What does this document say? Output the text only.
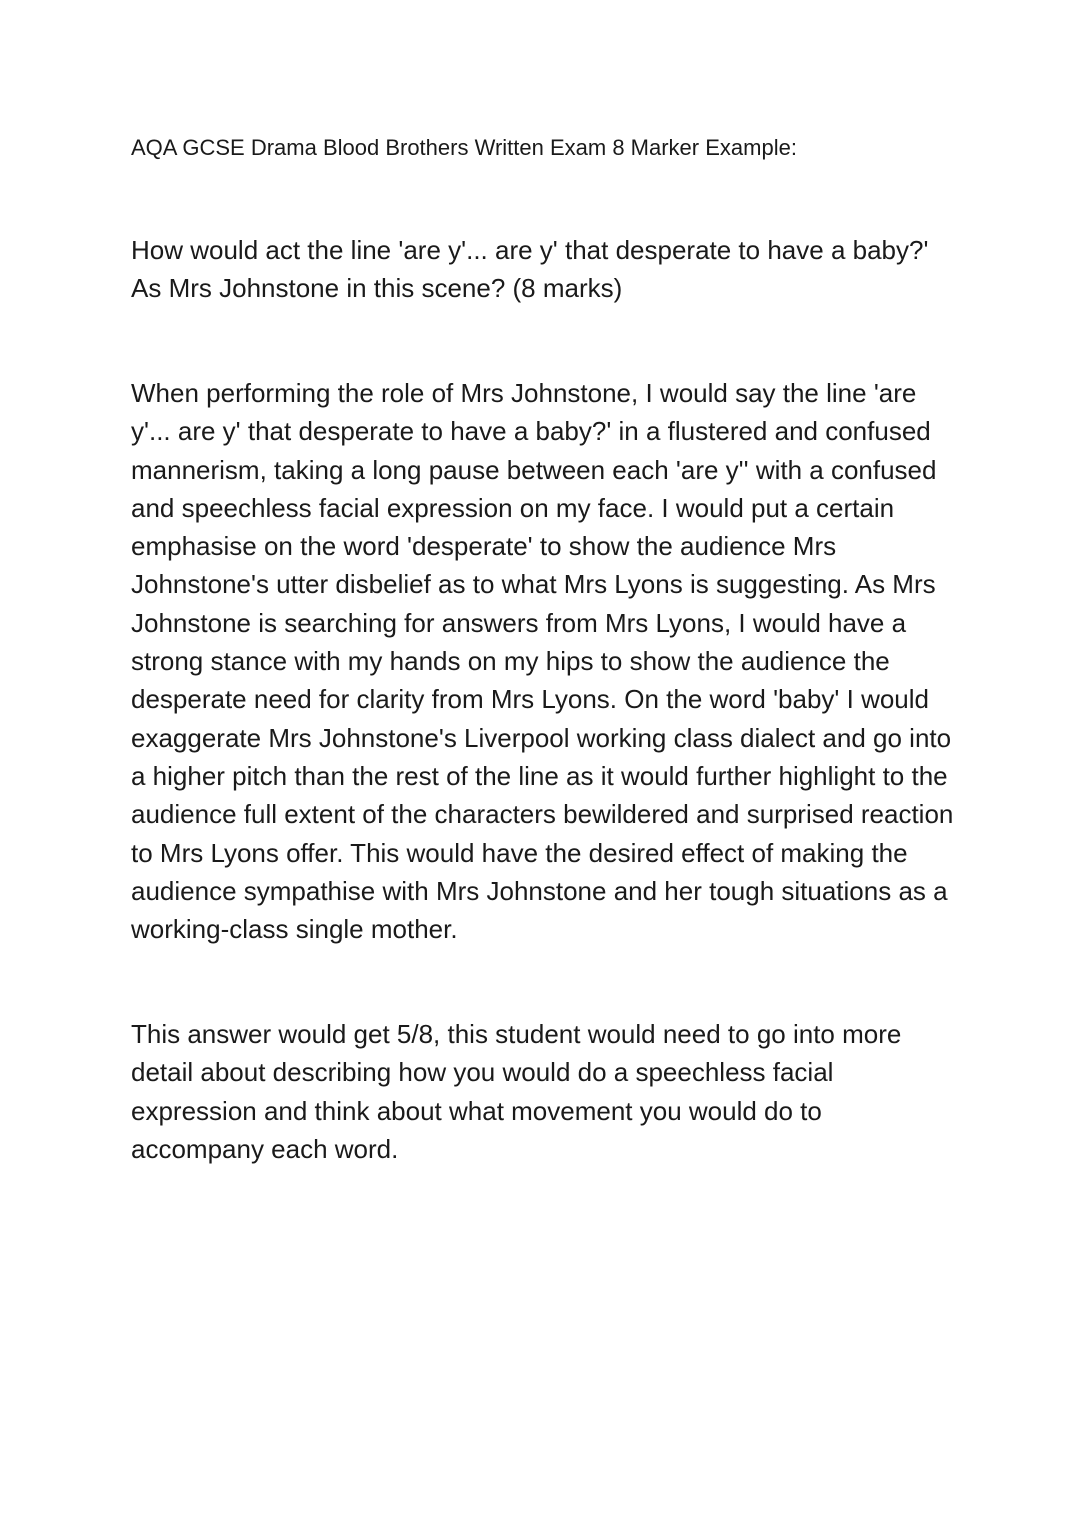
AQA GCSE Drama Blood Brothers Written Exam 8 Marker Example:

How would act the line 'are y'... are y' that desperate to have a baby?' As Mrs Johnstone in this scene? (8 marks)

When performing the role of Mrs Johnstone, I would say the line 'are y'... are y' that desperate to have a baby?' in a flustered and confused mannerism, taking a long pause between each 'are y'' with a confused and speechless facial expression on my face. I would put a certain emphasise on the word 'desperate' to show the audience Mrs Johnstone's utter disbelief as to what Mrs Lyons is suggesting. As Mrs Johnstone is searching for answers from Mrs Lyons, I would have a strong stance with my hands on my hips to show the audience the desperate need for clarity from Mrs Lyons. On the word 'baby' I would exaggerate Mrs Johnstone's Liverpool working class dialect and go into a higher pitch than the rest of the line as it would further highlight to the audience full extent of the characters bewildered and surprised reaction to Mrs Lyons offer. This would have the desired effect of making the audience sympathise with Mrs Johnstone and her tough situations as a working-class single mother.

This answer would get 5/8, this student would need to go into more detail about describing how you would do a speechless facial expression and think about what movement you would do to accompany each word.
